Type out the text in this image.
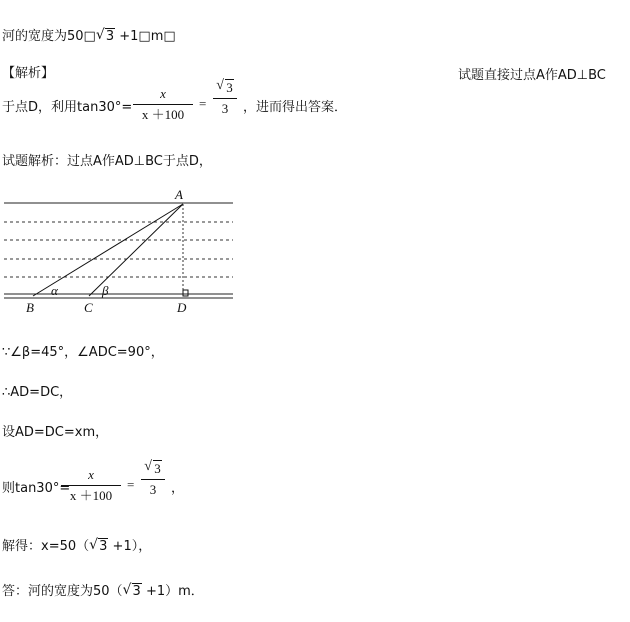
河的宽度为50□ √ 3 +1□m□
【解析】	试题直接过点A作AD⊥BC
于点D，利用tan30°=
x
x ＋100
=
√ 3
3	，进而得出答案．
试题解析：过点A作AD⊥BC于点D，
A
B	C	D
α	β
∵∠β=45°，∠ADC=90°，
∴AD=DC，
设AD=DC=xm，
则tan30°=
x
x ＋100
=
√ 3
3	，
解得：x=50（ √ 3 +1），
答：河的宽度为50（ √ 3 +1）m．
